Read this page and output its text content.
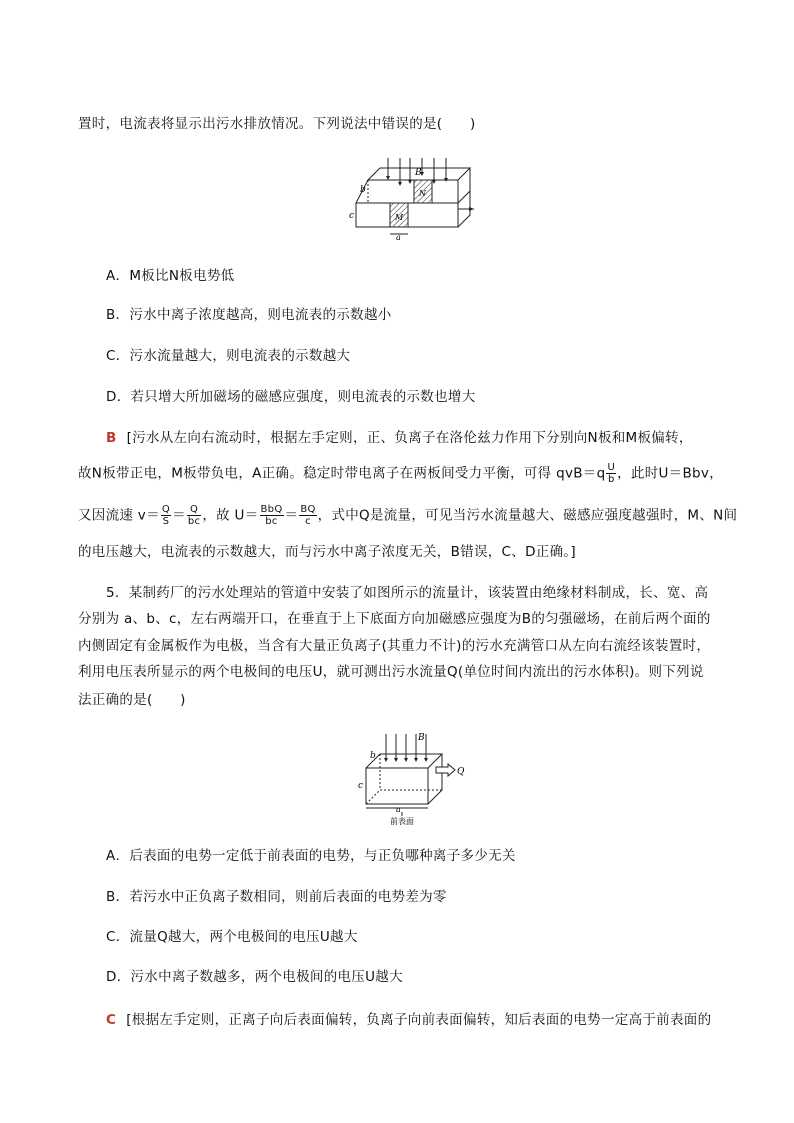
置时，电流表将显示出污水排放情况。下列说法中错误的是(　　)
b
B
N
c	M
a
A．M板比N板电势低
B．污水中离子浓度越高，则电流表的示数越小
C．污水流量越大，则电流表的示数越大
D．若只增大所加磁场的磁感应强度，则电流表的示数也增大
B [污水从左向右流动时，根据左手定则，正、负离子在洛伦兹力作用下分别向N板和M板偏转，
故N板带正电，M板带负电，A正确。稳定时带电离子在两板间受力平衡，可得 $qvB=q \frac{U}{b}$ ，此时U＝Bbv，
又因流速 $v= \frac{Q}{S} = \frac{Q}{bc}$ ，故 $U= \frac{\text{BbQ}}{bc} = \frac{BQ}{c}$ ，式中Q是流量，可见当污水流量越大、磁感应强度越强时，M、N间
的电压越大，电流表的示数越大，而与污水中离子浓度无关，B错误，C、D正确。]
5．某制药厂的污水处理站的管道中安装了如图所示的流量计，该装置由绝缘材料制成，长、宽、高
分别为 a、b、c，左右两端开口，在垂直于上下底面方向加磁感应强度为B的匀强磁场，在前后两个面的
内侧固定有金属板作为电极，当含有大量正负离子(其重力不计)的污水充满管口从左向右流经该装置时，
利用电压表所显示的两个电极间的电压U，就可测出污水流量Q(单位时间内流出的污水体积)。则下列说
法正确的是(　　)
b
B
Q
c
a
前表面
A．后表面的电势一定低于前表面的电势，与正负哪种离子多少无关
B．若污水中正负离子数相同，则前后表面的电势差为零
C．流量Q越大，两个电极间的电压U越大
D．污水中离子数越多，两个电极间的电压U越大
C [根据左手定则，正离子向后表面偏转，负离子向前表面偏转，知后表面的电势一定高于前表面的
